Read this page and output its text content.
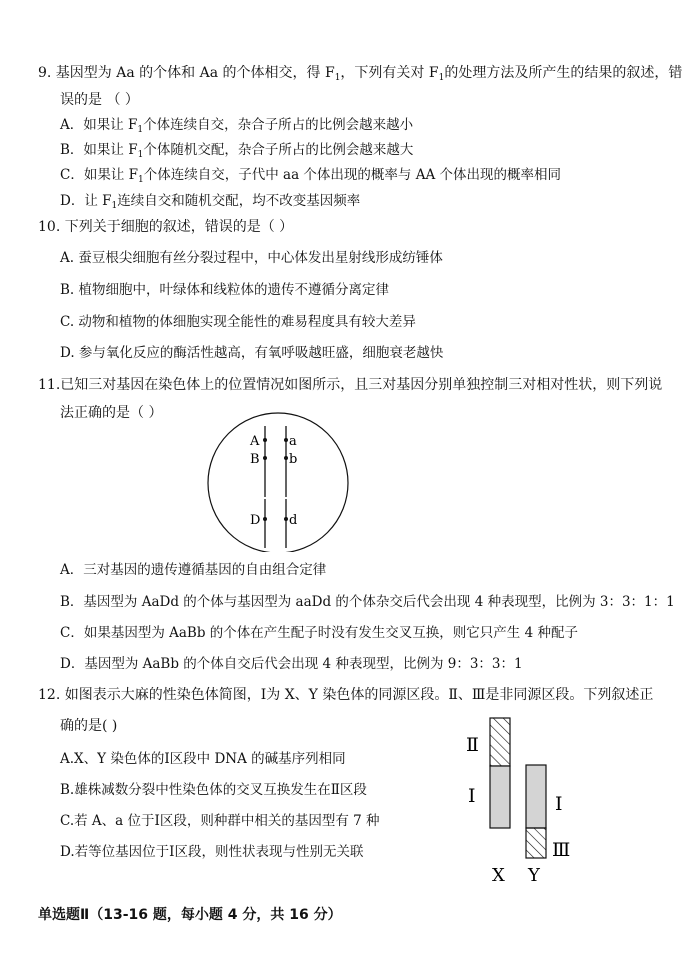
9. 基因型为 Aa 的个体和 Aa 的个体相交，得 $F_1$，下列有关对 $F_1$的处理方法及所产生的结果的叙述，错
误的是 （ ）
A．如果让 $F_1$个体连续自交，杂合子所占的比例会越来越小
B．如果让 $F_1$个体随机交配，杂合子所占的比例会越来越大
C．如果让 $F_1$个体连续自交，子代中 aa 个体出现的概率与 AA 个体出现的概率相同
D．让 $F_1$连续自交和随机交配，均不改变基因频率
10. 下列关于细胞的叙述，错误的是（ ）
A. 蚕豆根尖细胞有丝分裂过程中，中心体发出星射线形成纺锤体
B. 植物细胞中，叶绿体和线粒体的遗传不遵循分离定律
C. 动物和植物的体细胞实现全能性的难易程度具有较大差异
D. 参与氧化反应的酶活性越高，有氧呼吸越旺盛，细胞衰老越快
11.已知三对基因在染色体上的位置情况如图所示，且三对基因分别单独控制三对相对性状，则下列说
法正确的是（ ）
A a
B b
D d
A．三对基因的遗传遵循基因的自由组合定律
B．基因型为 AaDd 的个体与基因型为 aaDd 的个体杂交后代会出现 4 种表现型，比例为 3：3：1：1
C．如果基因型为 AaBb 的个体在产生配子时没有发生交叉互换，则它只产生 4 种配子
D．基因型为 AaBb 的个体自交后代会出现 4 种表现型，比例为 9：3：3：1
12. 如图表示大麻的性染色体简图，Ⅰ为 X、Y 染色体的同源区段。Ⅱ、Ⅲ是非同源区段。下列叙述正
确的是( )
A.X、Y 染色体的Ⅰ区段中 DNA 的碱基序列相同
B.雄株减数分裂中性染色体的交叉互换发生在Ⅱ区段
C.若 A、a 位于Ⅰ区段，则种群中相关的基因型有 7 种
D.若等位基因位于Ⅰ区段，则性状表现与性别无关联
Ⅱ
Ⅰ	Ⅰ
Ⅲ
X Y
单选题Ⅱ（13-16 题，每小题 4 分，共 16 分）
